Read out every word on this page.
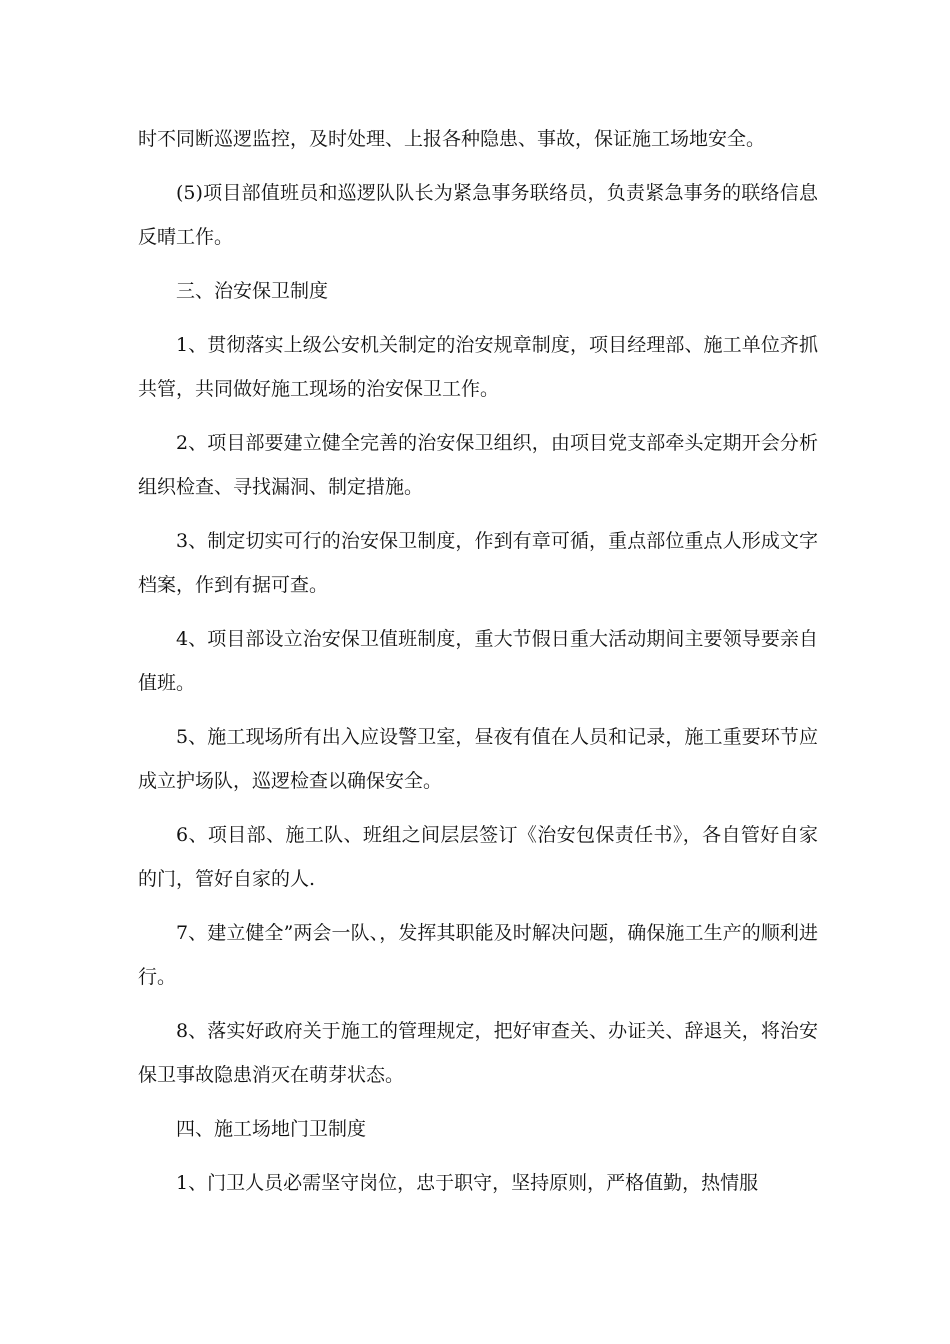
时不同断巡逻监控，及时处理、上报各种隐患、事故，保证施工场地安全。

(5)项目部值班员和巡逻队队长为紧急事务联络员，负责紧急事务的联络信息反晴工作。

三、治安保卫制度

1、贯彻落实上级公安机关制定的治安规章制度，项目经理部、施工单位齐抓共管，共同做好施工现场的治安保卫工作。

2、项目部要建立健全完善的治安保卫组织，由项目党支部牵头定期开会分析组织检查、寻找漏洞、制定措施。

3、制定切实可行的治安保卫制度，作到有章可循，重点部位重点人形成文字档案，作到有据可查。

4、项目部设立治安保卫值班制度，重大节假日重大活动期间主要领导要亲自值班。

5、施工现场所有出入应设警卫室，昼夜有值在人员和记录，施工重要环节应成立护场队，巡逻检查以确保安全。

6、项目部、施工队、班组之间层层签订《治安包保责任书》，各自管好自家的门，管好自家的人.

7、建立健全”两会一队、，发挥其职能及时解决问题，确保施工生产的顺利进行。

8、落实好政府关于施工的管理规定，把好审查关、办证关、辞退关，将治安保卫事故隐患消灭在萌芽状态。

四、施工场地门卫制度

1、门卫人员必需坚守岗位，忠于职守，坚持原则，严格值勤，热情服
